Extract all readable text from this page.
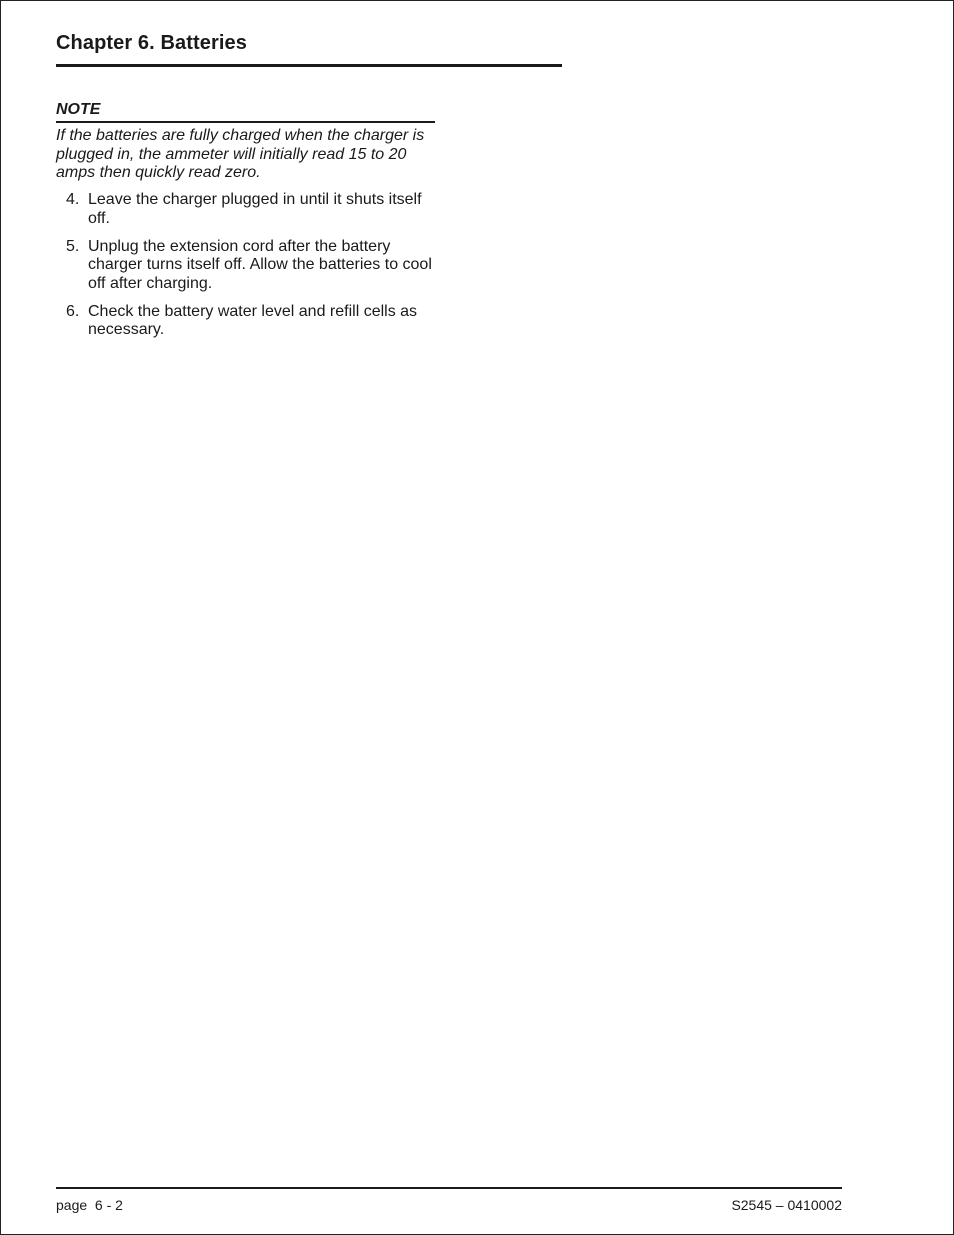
Chapter 6. Batteries
NOTE

If the batteries are fully charged when the charger is plugged in, the ammeter will initially read 15 to 20 amps then quickly read zero.

4. Leave the charger plugged in until it shuts itself off.
5. Unplug the extension cord after the battery charger turns itself off. Allow the batteries to cool off after charging.
6. Check the battery water level and refill cells as necessary.
page  6 - 2	S2545 – 0410002
